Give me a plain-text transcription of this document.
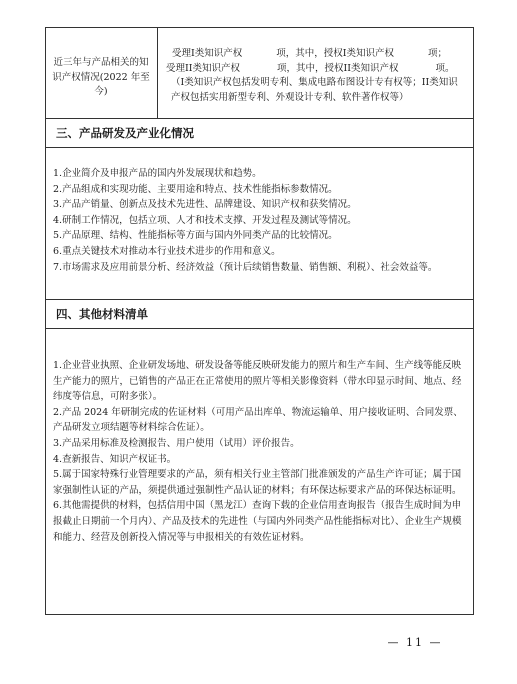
近三年与产品相关的知识产权情况(2022 年至今)
受理I类知识产权	项，其中，授权I类知识产权	项；
受理II类知识产权	项，其中，授权II类知识产权	项。
（I类知识产权包括发明专利、集成电路布图设计专有权等；II类知识产权包括实用新型专利、外观设计专利、软件著作权等）
三、产品研发及产业化情况

1.企业简介及申报产品的国内外发展现状和趋势。

2.产品组成和实现功能、主要用途和特点、技术性能指标参数情况。

3.产品产销量、创新点及技术先进性、品牌建设、知识产权和获奖情况。

4.研制工作情况，包括立项、人才和技术支撑、开发过程及测试等情况。

5.产品原理、结构、性能指标等方面与国内外同类产品的比较情况。

6.重点关键技术对推动本行业技术进步的作用和意义。

7.市场需求及应用前景分析、经济效益（预计后续销售数量、销售额、利税）、社会效益等。

四、其他材料清单

1.企业营业执照、企业研发场地、研发设备等能反映研发能力的照片和生产车间、生产线等能反映生产能力的照片，已销售的产品正在正常使用的照片等相关影像资料（带水印显示时间、地点、经纬度等信息，可附多张）。

2.产品 2024 年研制完成的佐证材料（可用产品出库单、物流运输单、用户接收证明、合同发票、产品研发立项结题等材料综合佐证）。

3.产品采用标准及检测报告、用户使用（试用）评价报告。

4.查新报告、知识产权证书。

5.属于国家特殊行业管理要求的产品，须有相关行业主管部门批准颁发的产品生产许可证；属于国家强制性认证的产品，须提供通过强制性产品认证的材料；有环保达标要求产品的环保达标证明。

6.其他需提供的材料，包括信用中国（黑龙江）查询下载的企业信用查询报告（报告生成时间为申报截止日期前一个月内）、产品及技术的先进性（与国内外同类产品性能指标对比）、企业生产规模和能力、经营及创新投入情况等与申报相关的有效佐证材料。

— 11 —
